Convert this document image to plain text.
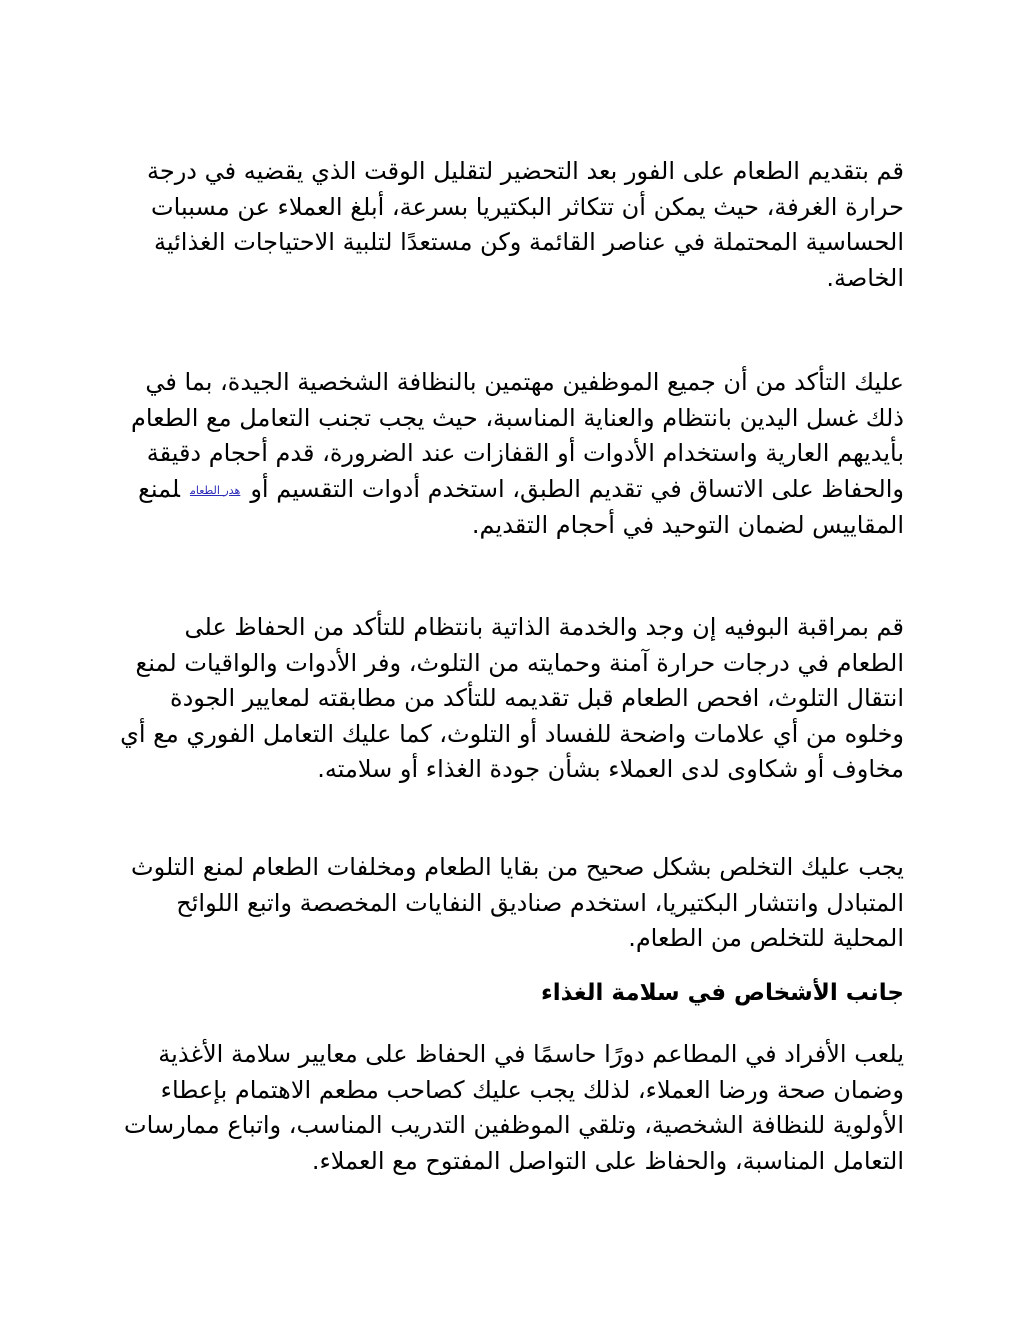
قم بتقديم الطعام على الفور بعد التحضير لتقليل الوقت الذي يقضيه في درجة حرارة الغرفة، حيث يمكن أن تتكاثر البكتيريا بسرعة، أبلغ العملاء عن مسببات الحساسية المحتملة في عناصر القائمة وكن مستعدًا لتلبية الاحتياجات الغذائية الخاصة.

عليك التأكد من أن جميع الموظفين مهتمين بالنظافة الشخصية الجيدة، بما في ذلك غسل اليدين بانتظام والعناية المناسبة، حيث يجب تجنب التعامل مع الطعام بأيديهم العارية واستخدام الأدوات أو القفازات عند الضرورة، قدم أحجام دقيقة والحفاظ على الاتساق في تقديم الطبق، استخدم أدوات التقسيم أوهدر الطعاملمنع المقاييس لضمان التوحيد في أحجام التقديم.

قم بمراقبة البوفيه إن وجد والخدمة الذاتية بانتظام للتأكد من الحفاظ على الطعام في درجات حرارة آمنة وحمايته من التلوث، وفر الأدوات والواقيات لمنع انتقال التلوث، افحص الطعام قبل تقديمه للتأكد من مطابقته لمعايير الجودة وخلوه من أي علامات واضحة للفساد أو التلوث، كما عليك التعامل الفوري مع أي مخاوف أو شكاوى لدى العملاء بشأن جودة الغذاء أو سلامته.

يجب عليك التخلص بشكل صحيح من بقايا الطعام ومخلفات الطعام لمنع التلوث المتبادل وانتشار البكتيريا، استخدم صناديق النفايات المخصصة واتبع اللوائح المحلية للتخلص من الطعام.

جانب الأشخاص في سلامة الغذاء

يلعب الأفراد في المطاعم دورًا حاسمًا في الحفاظ على معايير سلامة الأغذية وضمان صحة ورضا العملاء، لذلك يجب عليك كصاحب مطعم الاهتمام بإعطاء الأولوية للنظافة الشخصية، وتلقي الموظفين التدريب المناسب، واتباع ممارسات التعامل المناسبة، والحفاظ على التواصل المفتوح مع العملاء.
